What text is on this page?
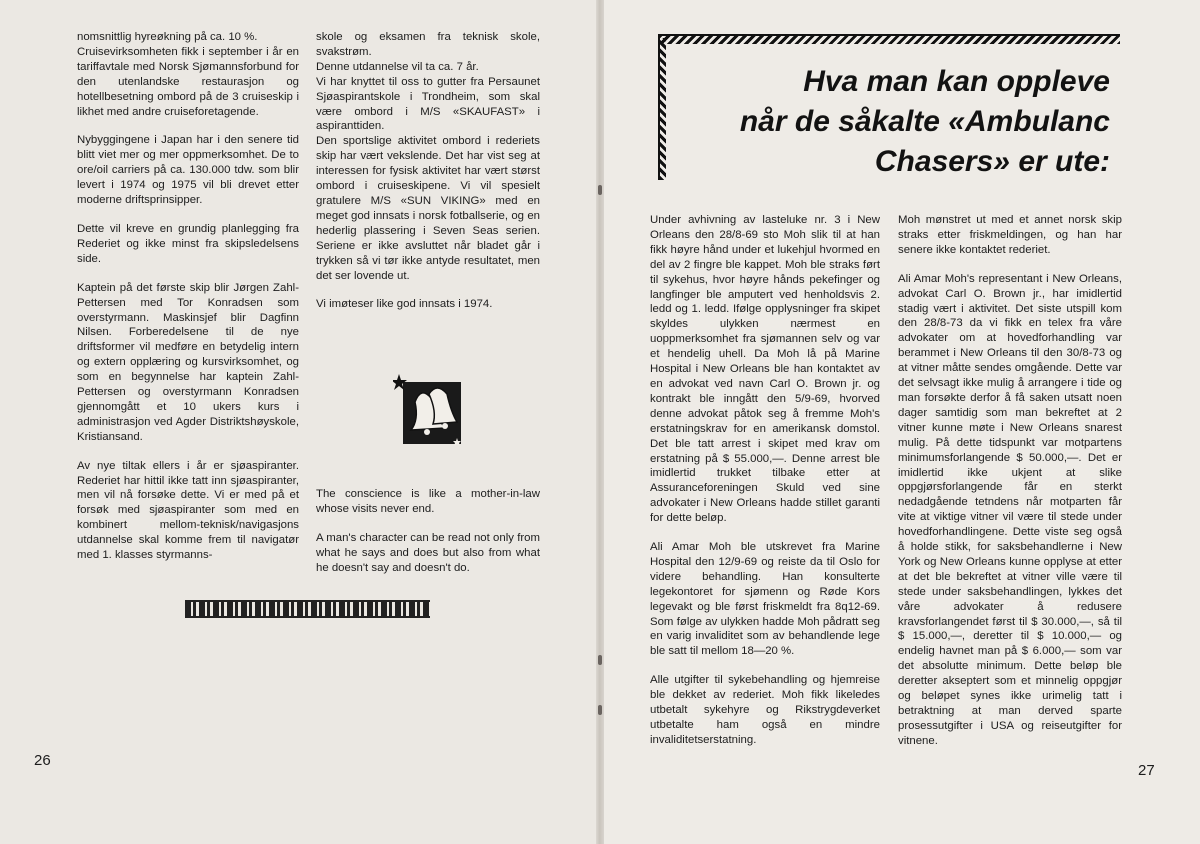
nomsnittlig hyreøkning på ca. 10 %.

Cruisevirksomheten fikk i september i år en tariffavtale med Norsk Sjømannsforbund for den utenlandske restaurasjon og hotellbesetning ombord på de 3 cruiseskip i likhet med andre cruiseforetagende.

Nybyggingene i Japan har i den senere tid blitt viet mer og mer oppmerksomhet. De to ore/oil carriers på ca. 130.000 tdw. som blir levert i 1974 og 1975 vil bli drevet etter moderne driftsprinsipper.

Dette vil kreve en grundig planlegging fra Rederiet og ikke minst fra skipsledelsens side.

Kaptein på det første skip blir Jørgen Zahl-Pettersen med Tor Konradsen som overstyrmann. Maskinsjef blir Dagfinn Nilsen. Forberedelsene til de nye driftsformer vil medføre en betydelig intern og extern opplæring og kursvirksomhet, og som en begynnelse har kaptein Zahl-Pettersen og overstyrmann Konradsen gjennomgått et 10 ukers kurs i administrasjon ved Agder Distriktshøyskole, Kristiansand.

Av nye tiltak ellers i år er sjøaspiranter. Rederiet har hittil ikke tatt inn sjøaspiranter, men vil nå forsøke dette. Vi er med på et forsøk med sjøaspiranter som med en kombinert mellom-teknisk/navigasjons utdannelse skal komme frem til navigatør med 1. klasses styrmanns-

skole og eksamen fra teknisk skole, svakstrøm.

Denne utdannelse vil ta ca. 7 år.

Vi har knyttet til oss to gutter fra Persaunet Sjøaspirantskole i Trondheim, som skal være ombord i M/S «SKAUFAST» i aspiranttiden.

Den sportslige aktivitet ombord i rederiets skip har vært vekslende. Det har vist seg at interessen for fysisk aktivitet har vært størst ombord i cruiseskipene. Vi vil spesielt gratulere M/S «SUN VIKING» med en meget god innsats i norsk fotballserie, og en hederlig plassering i Seven Seas serien. Seriene er ikke avsluttet når bladet går i trykken så vi tør ikke antyde resultatet, men det ser lovende ut.

Vi imøteser like god innsats i 1974.

The conscience is like a mother-in-law whose visits never end.

A man's character can be read not only from what he says and does but also from what he doesn't say and doesn't do.

26
Hva man kan oppleve
når de såkalte «Ambulanc
Chasers» er ute:

Under avhivning av lasteluke nr. 3 i New Orleans den 28/8-69 sto Moh slik til at han fikk høyre hånd under et lukehjul hvormed en del av 2 fingre ble kappet. Moh ble straks ført til sykehus, hvor høyre hånds pekefinger og langfinger ble amputert ved henholdsvis 2. ledd og 1. ledd. Ifølge opplysninger fra skipet skyldes ulykken nærmest en uoppmerksomhet fra sjømannen selv og var et hendelig uhell. Da Moh lå på Marine Hospital i New Orleans ble han kontaktet av en advokat ved navn Carl O. Brown jr. og kontrakt ble inngått den 5/9-69, hvorved denne advokat påtok seg å fremme Moh's erstatningskrav for en amerikansk domstol. Det ble tatt arrest i skipet med krav om erstatning på $ 55.000,—. Denne arrest ble imidlertid trukket tilbake etter at Assuranceforeningen Skuld ved sine advokater i New Orleans hadde stillet garanti for dette beløp.

Ali Amar Moh ble utskrevet fra Marine Hospital den 12/9-69 og reiste da til Oslo for videre behandling. Han konsulterte legekontoret for sjømenn og Røde Kors legevakt og ble først friskmeldt fra 8q12-69. Som følge av ulykken hadde Moh pådratt seg en varig invaliditet som av behandlende lege ble satt til mellom 18—20 %.

Alle utgifter til sykebehandling og hjemreise ble dekket av rederiet. Moh fikk likeledes utbetalt sykehyre og Rikstrygdeverket utbetalte ham også en mindre invaliditetserstatning.

Moh mønstret ut med et annet norsk skip straks etter friskmeldingen, og han har senere ikke kontaktet rederiet.

Ali Amar Moh's representant i New Orleans, advokat Carl O. Brown jr., har imidlertid stadig vært i aktivitet. Det siste utspill kom den 28/8-73 da vi fikk en telex fra våre advokater om at hovedforhandling var berammet i New Orleans til den 30/8-73 og at vitner måtte sendes omgående. Dette var det selvsagt ikke mulig å arrangere i tide og man forsøkte derfor å få saken utsatt noen dager samtidig som man bekreftet at 2 vitner kunne møte i New Orleans snarest mulig. På dette tidspunkt var motpartens minimumsforlangende $ 50.000,—. Det er imidlertid ikke ukjent at slike oppgjørsforlangende får en sterkt nedadgående tetndens når motparten får vite at viktige vitner vil være til stede under hovedforhandlingene. Dette viste seg også å holde stikk, for saksbehandlerne i New York og New Orleans kunne opplyse at etter at det ble bekreftet at vitner ville være til stede under saksbehandlingen, lykkes det våre advokater å redusere kravsforlangendet først til $ 30.000,—, så til $ 15.000,—, deretter til $ 10.000,— og endelig havnet man på $ 6.000,— som var det absolutte minimum. Dette beløp ble deretter akseptert som et minnelig oppgjør og beløpet synes ikke urimelig tatt i betraktning at man derved sparte prosessutgifter i USA og reiseutgifter for vitnene.

27
